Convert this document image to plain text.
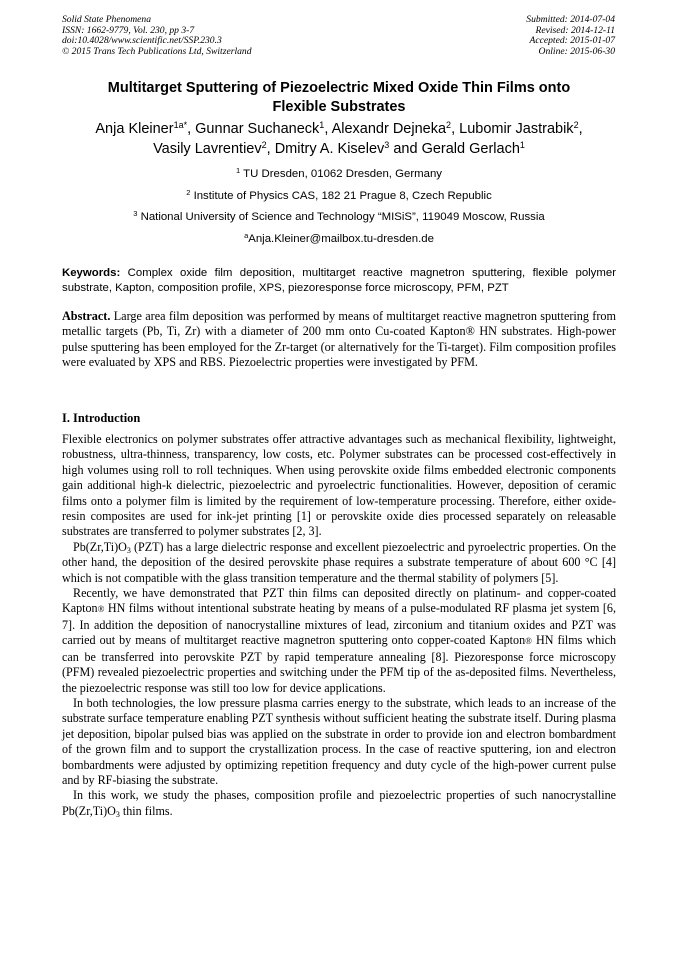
Solid State Phenomena
ISSN: 1662-9779, Vol. 230, pp 3-7
doi:10.4028/www.scientific.net/SSP.230.3
© 2015 Trans Tech Publications Ltd, Switzerland
Submitted: 2014-07-04
Revised: 2014-12-11
Accepted: 2015-01-07
Online: 2015-06-30
Multitarget Sputtering of Piezoelectric Mixed Oxide Thin Films onto
Flexible Substrates
Anja Kleiner$^{1a*}$, Gunnar Suchaneck$^1$, Alexandr Dejneka$^2$, Lubomir Jastrabik$^2$,
Vasily Lavrentiev$^2$, Dmitry A. Kiselev$^3$ and Gerald Gerlach$^1$
$^1$ TU Dresden, 01062 Dresden, Germany
$^2$ Institute of Physics CAS, 182 21 Prague 8, Czech Republic
$^3$ National University of Science and Technology “MISiS”, 119049 Moscow, Russia
$^a$Anja.Kleiner@mailbox.tu-dresden.de
Keywords: Complex oxide film deposition, multitarget reactive magnetron sputtering, flexible polymer substrate, Kapton, composition profile, XPS, piezoresponse force microscopy, PFM, PZT
Abstract. Large area film deposition was performed by means of multitarget reactive magnetron sputtering from metallic targets (Pb, Ti, Zr) with a diameter of 200 mm onto Cu-coated Kapton® HN substrates. High-power pulse sputtering has been employed for the Zr-target (or alternatively for the Ti-target). Film composition profiles were evaluated by XPS and RBS. Piezoelectric properties were investigated by PFM.
I. Introduction

Flexible electronics on polymer substrates offer attractive advantages such as mechanical flexibility, lightweight, robustness, ultra-thinness, transparency, low costs, etc. Polymer substrates can be processed cost-effectively in high volumes using roll to roll techniques. When using perovskite oxide films embedded electronic components gain additional high-k dielectric, piezoelectric and pyroelectric functionalities. However, deposition of ceramic films onto a polymer film is limited by the requirement of low-temperature processing. Therefore, either oxide-resin composites are used for ink-jet printing [1] or perovskite oxide dies processed separately on releasable substrates are transferred to polymer substrates [2, 3].

$Pb(Zr,Ti)O_3$ (PZT) has a large dielectric response and excellent piezoelectric and pyroelectric properties. On the other hand, the deposition of the desired perovskite phase requires a substrate temperature of about 600 °C [4] which is not compatible with the glass transition temperature and the thermal stability of polymers [5].

Recently, we have demonstrated that PZT thin films can deposited directly on platinum- and copper-coated Kapton® HN films without intentional substrate heating by means of a pulse-modulated RF plasma jet system [6, 7]. In addition the deposition of nanocrystalline mixtures of lead, zirconium and titanium oxides and PZT was carried out by means of multitarget reactive magnetron sputtering onto copper-coated Kapton® HN films which can be transferred into perovskite PZT by rapid temperature annealing [8]. Piezoresponse force microscopy (PFM) revealed piezoelectric properties and switching under the PFM tip of the as-deposited films. Nevertheless, the piezoelectric response was still too low for device applications.

In both technologies, the low pressure plasma carries energy to the substrate, which leads to an increase of the substrate surface temperature enabling PZT synthesis without sufficient heating the substrate itself. During plasma jet deposition, bipolar pulsed bias was applied on the substrate in order to provide ion and electron bombardment of the grown film and to support the crystallization process. In the case of reactive sputtering, ion and electron bombardments were adjusted by optimizing repetition frequency and duty cycle of the high-power current pulse and by RF-biasing the substrate.

In this work, we study the phases, composition profile and piezoelectric properties of such nanocrystalline $Pb(Zr,Ti)O_3$ thin films.
